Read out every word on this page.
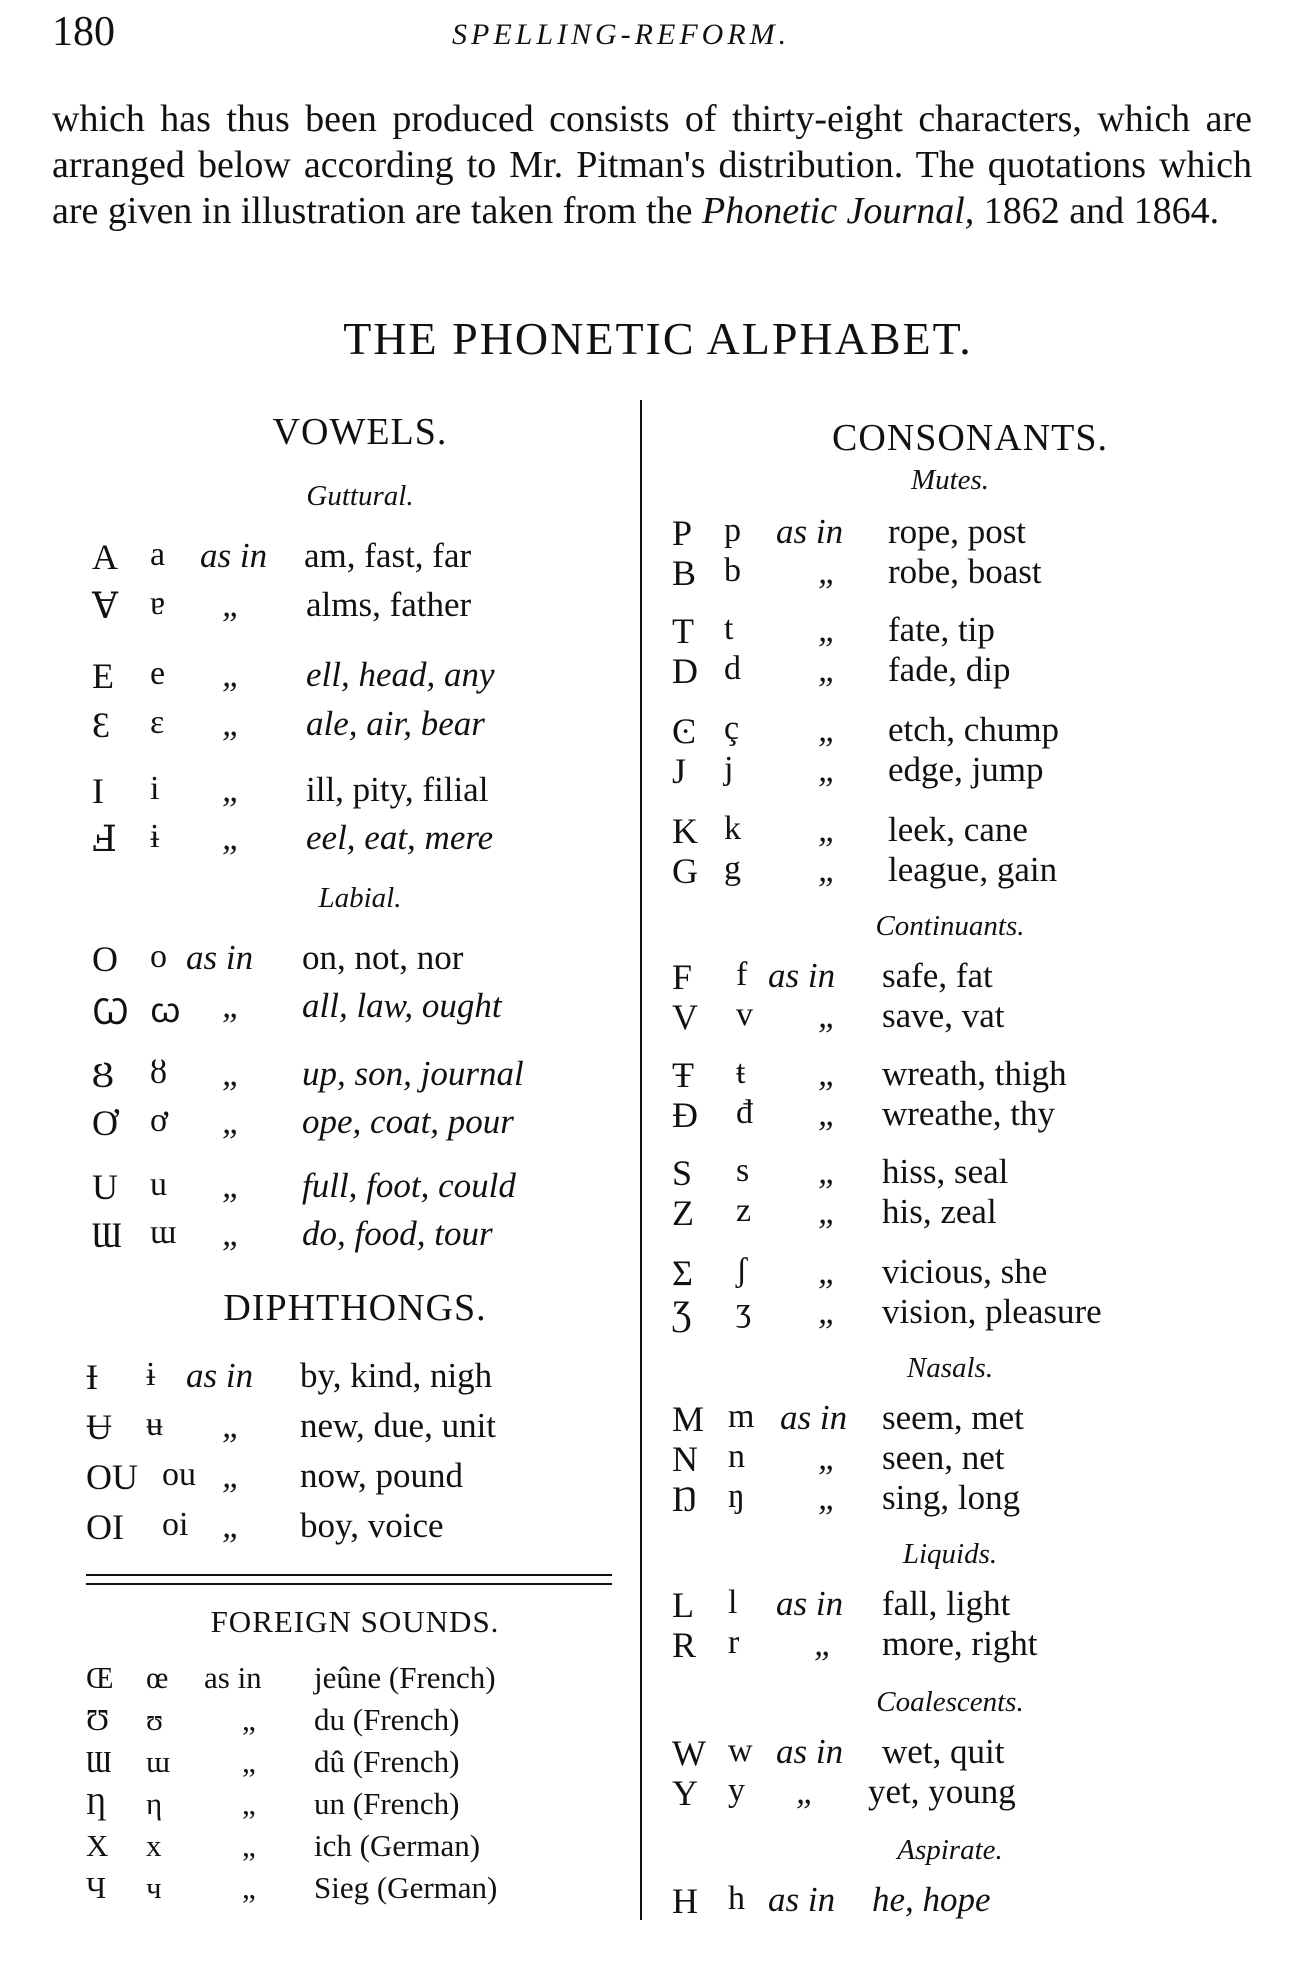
180	SPELLING-REFORM.

which has thus been produced consists of thirty-eight characters, which are arranged below according to Mr. Pitman's distribution. The quotations which are given in illustration are taken from the Phonetic Journal, 1862 and 1864.

THE PHONETIC ALPHABET.
VOWELS.
Guttural.
A a as in am, fast, far
Ɐ ɐ „ alms, father
E e „ ell, head, any
Ɛ ɛ „ ale, air, bear
I i „ ill, pity, filial
Ⅎ ɨ „ eel, eat, mere
Labial.
O o as in on, not, nor
Ꞷ ꞷ „ all, law, ought
Ȣ ȣ „ up, son, journal
Ơ ơ „ ope, coat, pour
U u „ full, foot, could
Ɯ ɯ „ do, food, tour
DIPHTHONGS.
Ɨ ɨ as in by, kind, nigh
Ʉ ʉ „ new, due, unit
OU ou „ now, pound
OI oi „ boy, voice
FOREIGN SOUNDS.
Œ œ as in jeûne (French)
Ʊ ʊ	„ du (French)
Ɯ ɯ „ dû (French)
Ƞ η	„ un (French)
X x	„ ich (German)
Ч ч	„ Sieg (German)
CONSONANTS.
Mutes.
P p as in rope, post
B b „ robe, boast
T t „ fate, tip
D d „ fade, dip
Ͼ ç „ etch, chump
J j „ edge, jump
K k „ leek, cane
G g „ league, gain
Continuants.
F f as in safe, fat
V v „ save, vat
Ŧ ŧ „ wreath, thigh
Đ đ „ wreathe, thy
S s „ hiss, seal
Z z „ his, zeal
Σ ʃ „ vicious, she
Ʒ ʒ „ vision, pleasure
Nasals.
M m as in seem, met
N n „ seen, net
Ŋ ŋ „ sing, long
Liquids.
L l as in fall, light
R r „ more, right
Coalescents.
W w as in wet, quit
Y y „ yet, young
Aspirate.
H h as in he, hope
